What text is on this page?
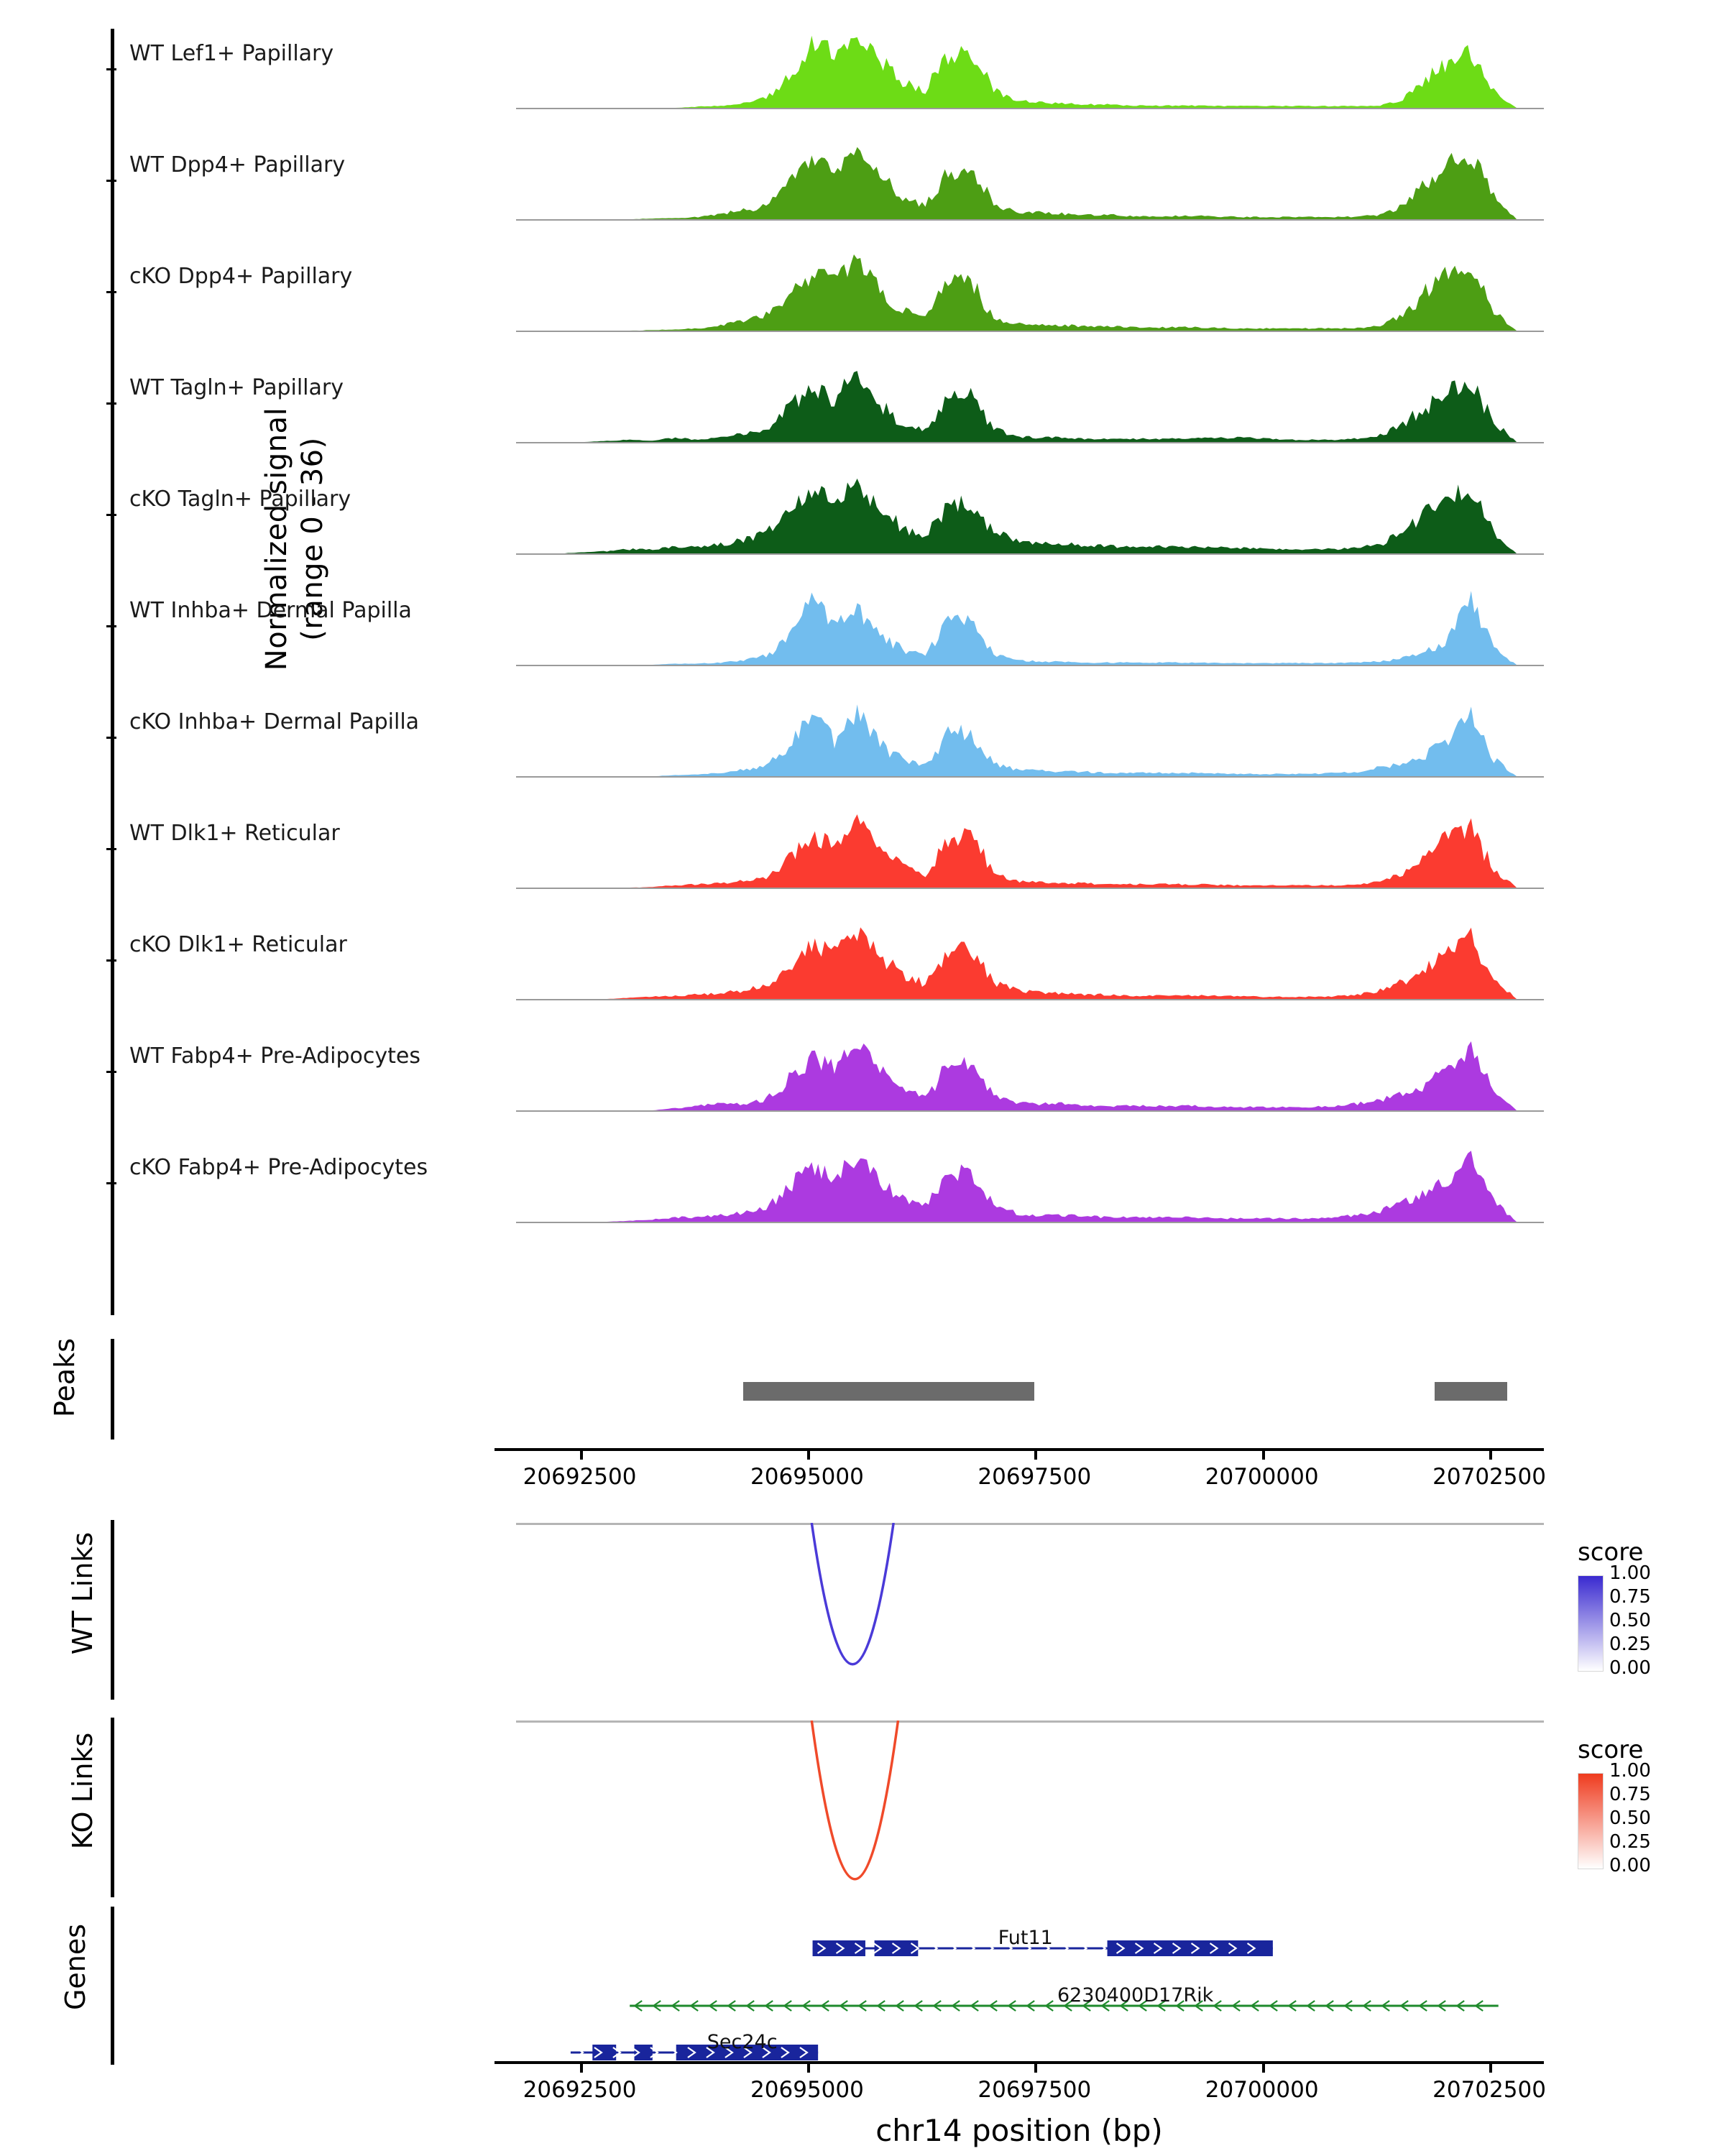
Normalized signal (range 0 - 36)
WT Lef1+ Papillary
WT Dpp4+ Papillary
cKO Dpp4+ Papillary
WT Tagln+ Papillary
cKO Tagln+ Papillary
WT Inhba+ Dermal Papilla
cKO Inhba+ Dermal Papilla
WT Dlk1+ Reticular
cKO Dlk1+ Reticular
WT Fabp4+ Pre-Adipocytes
cKO Fabp4+ Pre-Adipocytes
Peaks
20692500	20695000	20697500	20700000	20702500
WT Links
KO Links
score
1.00
0.75
0.50
0.25
0.00
score
1.00
0.75
0.50
0.25
0.00
Genes	Fut11
6230400D17Rik
Sec24c
chr14 position (bp)
20692500	20695000	20697500	20700000	20702500
